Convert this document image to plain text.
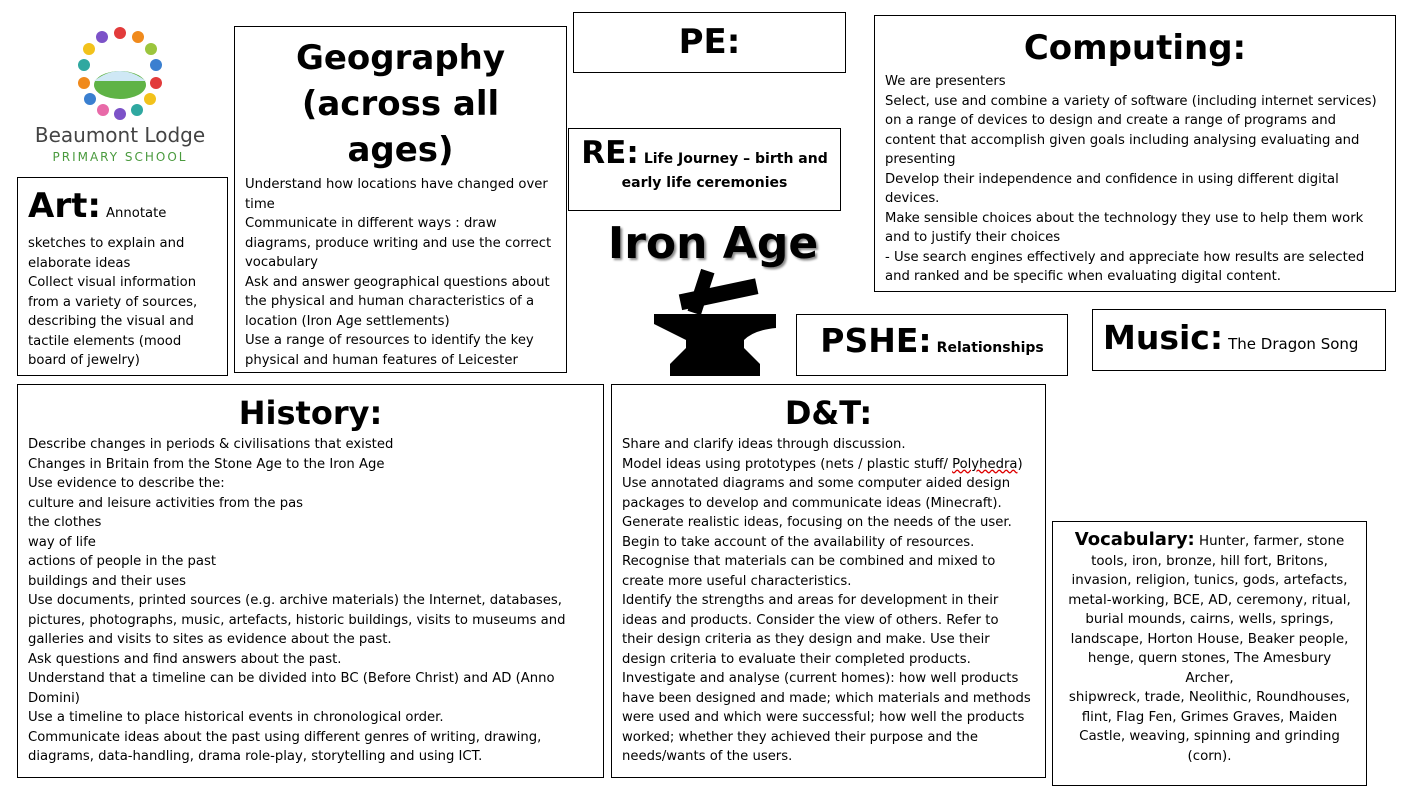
Beaumont Lodge
PRIMARY SCHOOL
Geography
(across all ages)
Understand how locations have changed over
time
Communicate in different ways : draw
diagrams, produce writing and use the correct
vocabulary
Ask and answer geographical questions about
the physical and human characteristics of a
location (Iron Age settlements)
Use a range of resources to identify the key
physical and human features of Leicester
PE:
RE: Life Journey – birth and
early life ceremonies
Computing:
We are presenters
Select, use and combine a variety of software (including internet services)
on a range of devices to design and create a range of programs and
content that accomplish given goals including analysing evaluating and
presenting
Develop their independence and confidence in using different digital
devices.
Make sensible choices about the technology they use to help them work
and to justify their choices
- Use search engines effectively and appreciate how results are selected
and ranked and be specific when evaluating digital content.
Art: Annotate
sketches to explain and
elaborate ideas
Collect visual information
from a variety of sources,
describing the visual and
tactile elements (mood
board of jewelry)
Iron Age
PSHE: Relationships	Music: The Dragon Song
History:
Describe changes in periods & civilisations that existed
Changes in Britain from the Stone Age to the Iron Age
Use evidence to describe the:
culture and leisure activities from the pas
the clothes
way of life
actions of people in the past
buildings and their uses
Use documents, printed sources (e.g. archive materials) the Internet, databases,
pictures, photographs, music, artefacts, historic buildings, visits to museums and
galleries and visits to sites as evidence about the past.
Ask questions and find answers about the past.
Understand that a timeline can be divided into BC (Before Christ) and AD (Anno
Domini)
Use a timeline to place historical events in chronological order.
Communicate ideas about the past using different genres of writing, drawing,
diagrams, data-handling, drama role-play, storytelling and using ICT.
D&T:
Share and clarify ideas through discussion.
Model ideas using prototypes (nets / plastic stuff/ Polyhedra)
Use annotated diagrams and some computer aided design
packages to develop and communicate ideas (Minecraft).
Generate realistic ideas, focusing on the needs of the user.
Begin to take account of the availability of resources.
Recognise that materials can be combined and mixed to
create more useful characteristics.
Identify the strengths and areas for development in their
ideas and products. Consider the view of others. Refer to
their design criteria as they design and make. Use their
design criteria to evaluate their completed products.
Investigate and analyse (current homes): how well products
have been designed and made; which materials and methods
were used and which were successful; how well the products
worked; whether they achieved their purpose and the
needs/wants of the users.
Vocabulary: Hunter, farmer, stone
tools, iron, bronze, hill fort, Britons,
invasion, religion, tunics, gods, artefacts,
metal-working, BCE, AD, ceremony, ritual,
burial mounds, cairns, wells, springs,
landscape, Horton House, Beaker people,
henge, quern stones, The Amesbury Archer,
shipwreck, trade, Neolithic, Roundhouses,
flint, Flag Fen, Grimes Graves, Maiden
Castle, weaving, spinning and grinding
(corn).
